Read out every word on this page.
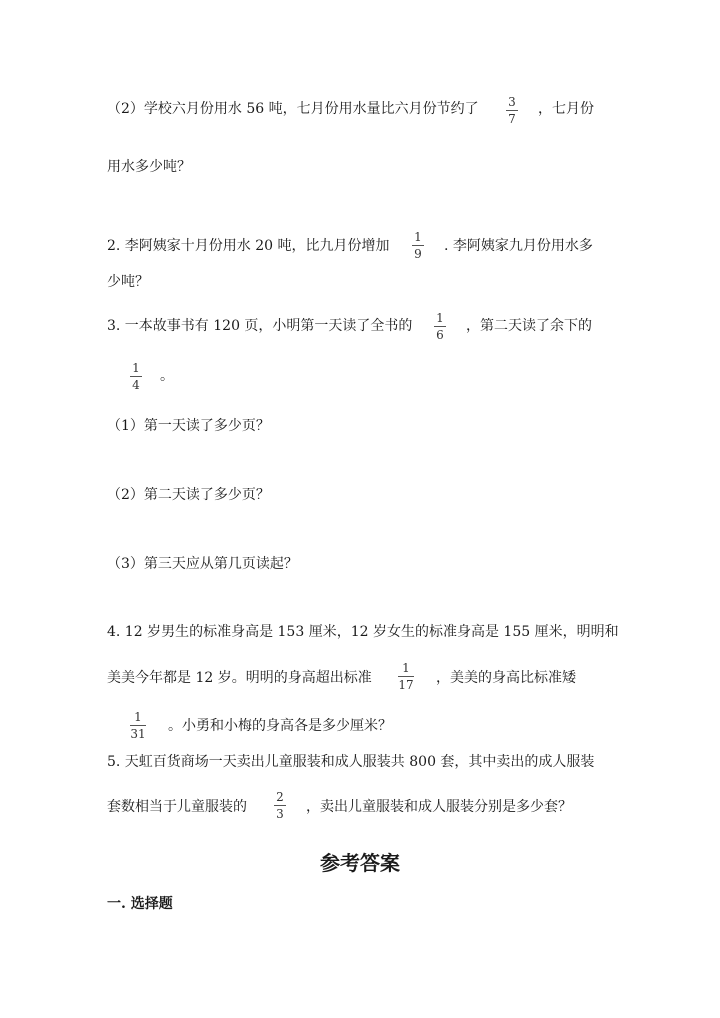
（2）学校六月份用水 56 吨，七月份用水量比六月份节约了 3
7
，七月份
用水多少吨？
2. 李阿姨家十月份用水 20 吨，比九月份增加
1
9 . 李阿姨家九月份用水多
少吨？
3. 一本故事书有 120 页，小明第一天读了全书的 1
6
，第二天读了余下的
1
4
。
（1）第一天读了多少页？
（2）第二天读了多少页？
（3）第三天应从第几页读起？
4. 12 岁男生的标准身高是 153 厘米，12 岁女生的标准身高是 155 厘米，明明和
美美今年都是 12 岁。明明的身高超出标准
1
17 ，美美的身高比标准矮
1
31 。小勇和小梅的身高各是多少厘米？
5. 天虹百货商场一天卖出儿童服装和成人服装共 800 套，其中卖出的成人服装
套数相当于儿童服装的
2
3 ，卖出儿童服装和成人服装分别是多少套？
参考答案
一. 选择题
